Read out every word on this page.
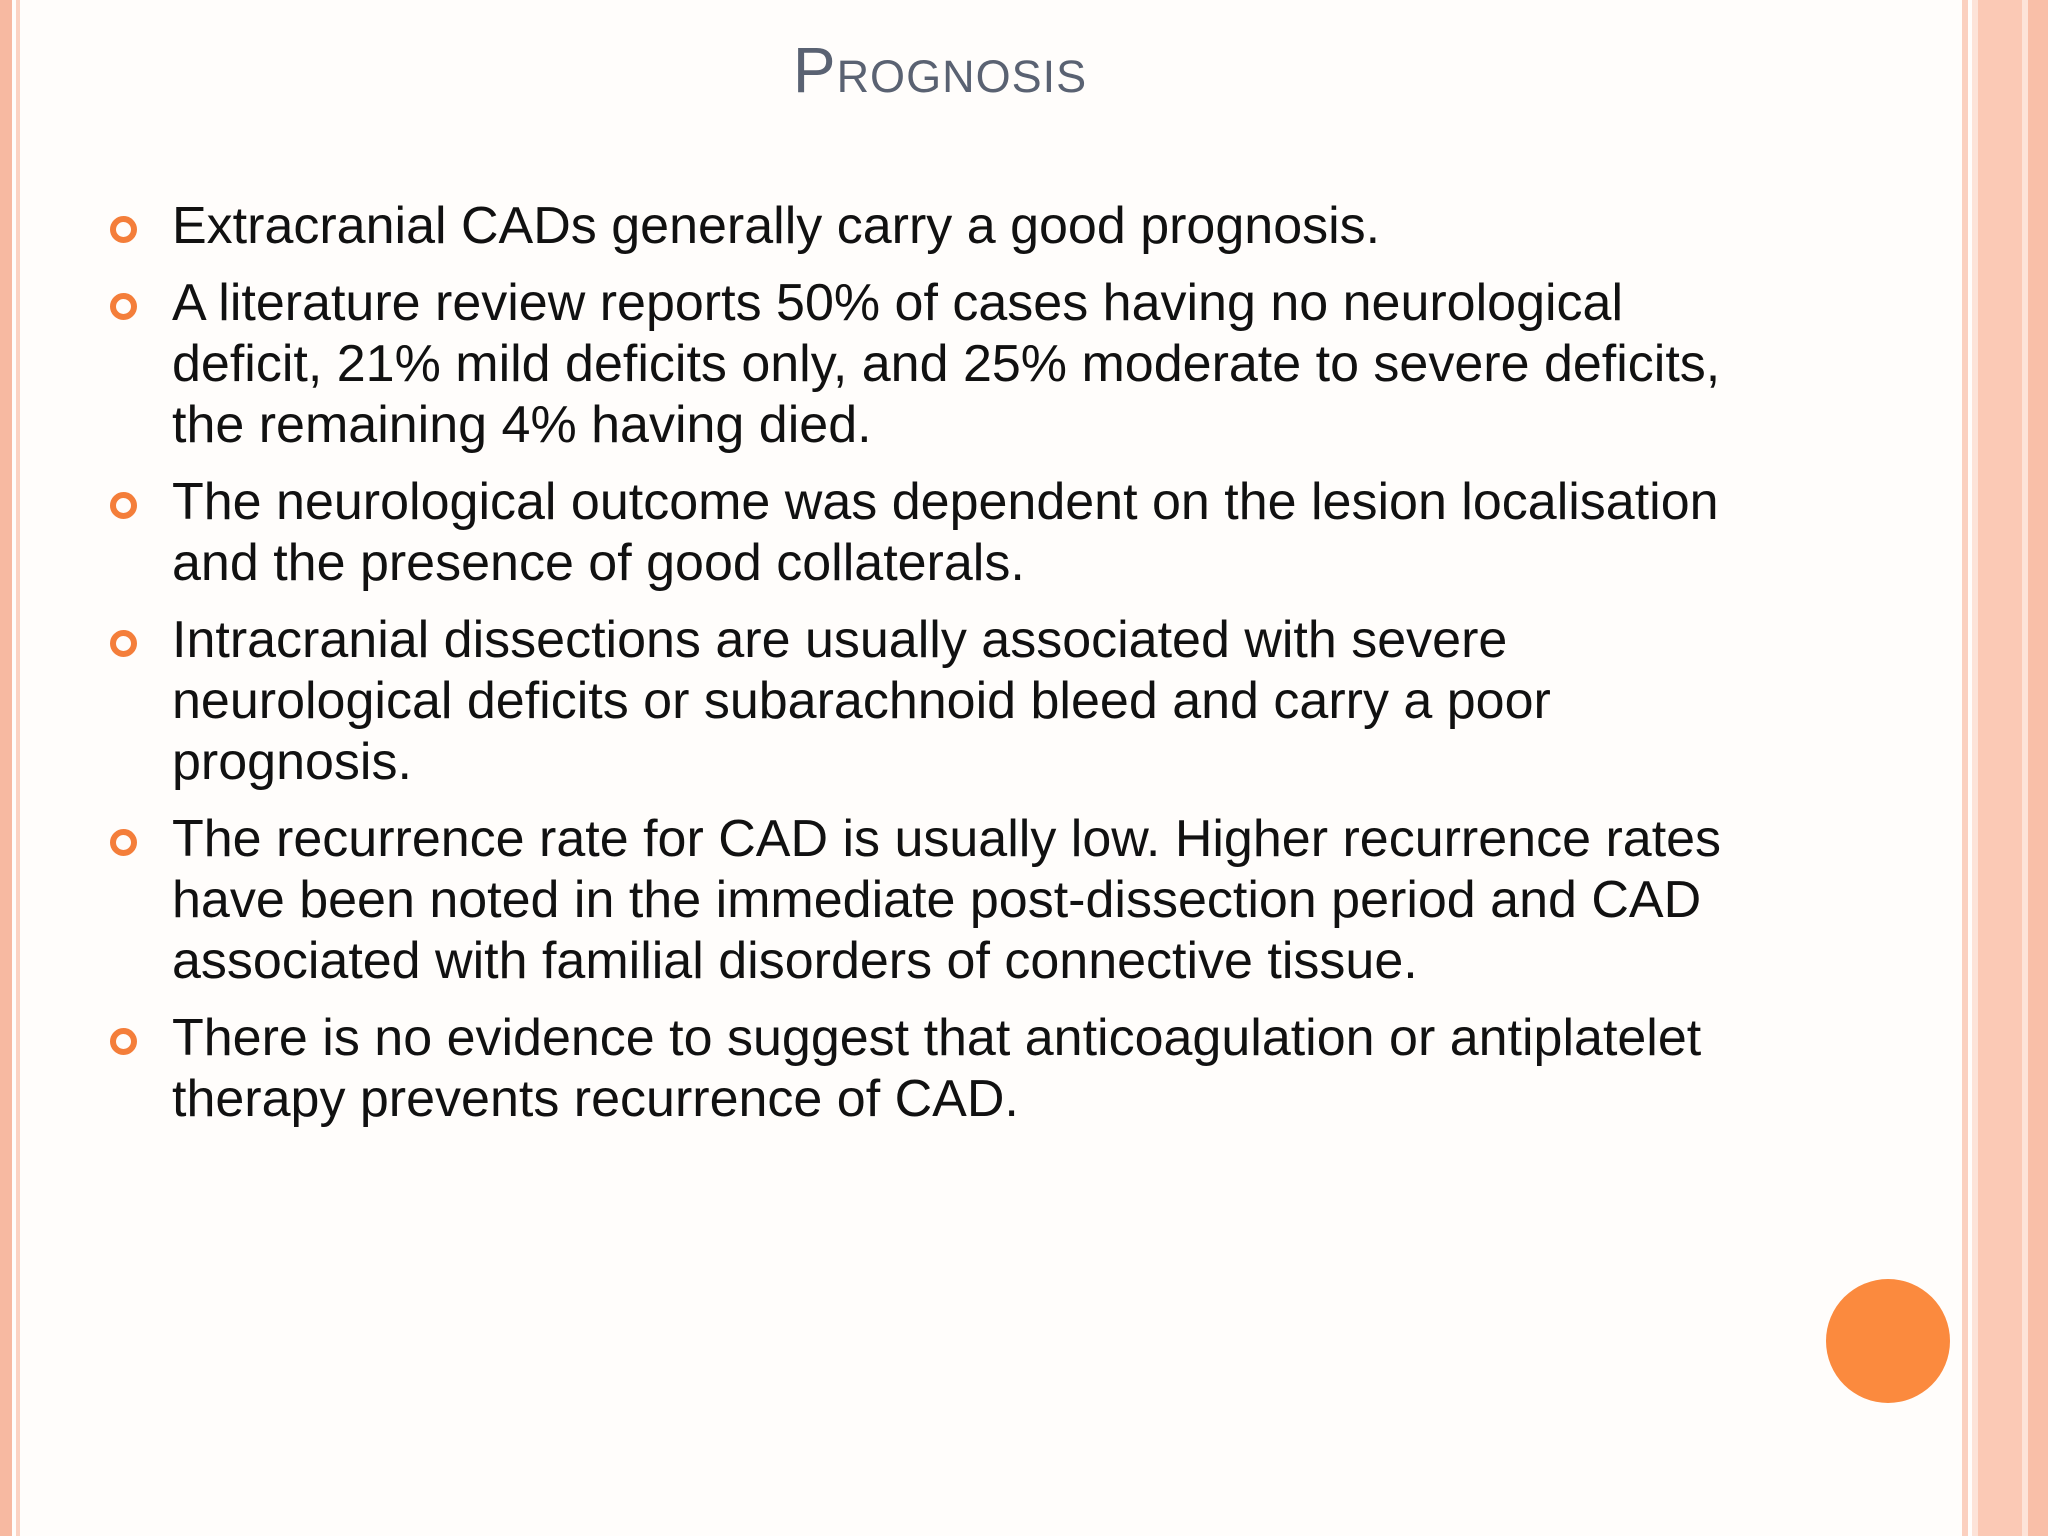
Prognosis
Extracranial CADs generally carry a good prognosis.
A literature review reports 50% of cases having no neurological deficit, 21% mild deficits only, and 25% moderate to severe deficits, the remaining 4% having died.
The neurological outcome was dependent on the lesion localisation and the presence of good collaterals.
Intracranial dissections are usually associated with severe neurological deficits or subarachnoid bleed and carry a poor prognosis.
The recurrence rate for CAD is usually low. Higher recurrence rates have been noted in the immediate post-dissection period and CAD associated with familial disorders of connective tissue.
There is no evidence to suggest that anticoagulation or antiplatelet therapy prevents recurrence of CAD.
